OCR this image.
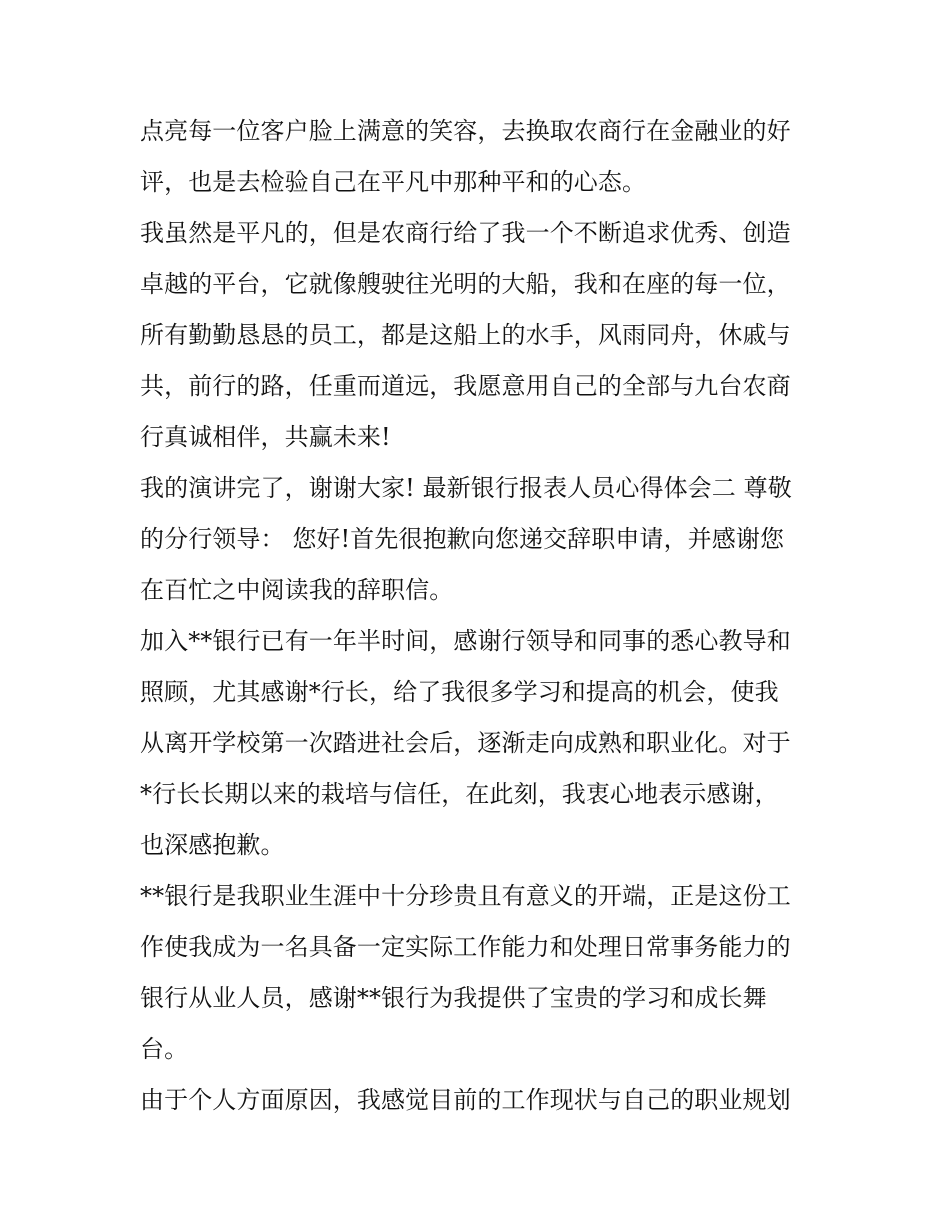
点亮每一位客户脸上满意的笑容，去换取农商行在金融业的好
评，也是去检验自己在平凡中那种平和的心态。
我虽然是平凡的，但是农商行给了我一个不断追求优秀、创造
卓越的平台，它就像艘驶往光明的大船，我和在座的每一位，
所有勤勤恳恳的员工，都是这船上的水手，风雨同舟，休戚与
共，前行的路，任重而道远，我愿意用自己的全部与九台农商
行真诚相伴，共赢未来!
我的演讲完了，谢谢大家! 最新银行报表人员心得体会二 尊敬
的分行领导： 您好!首先很抱歉向您递交辞职申请，并感谢您
在百忙之中阅读我的辞职信。
加入**银行已有一年半时间，感谢行领导和同事的悉心教导和
照顾，尤其感谢*行长，给了我很多学习和提高的机会，使我
从离开学校第一次踏进社会后，逐渐走向成熟和职业化。对于
*行长长期以来的栽培与信任，在此刻，我衷心地表示感谢，
也深感抱歉。
**银行是我职业生涯中十分珍贵且有意义的开端，正是这份工
作使我成为一名具备一定实际工作能力和处理日常事务能力的
银行从业人员，感谢**银行为我提供了宝贵的学习和成长舞
台。
由于个人方面原因，我感觉目前的工作现状与自己的职业规划
